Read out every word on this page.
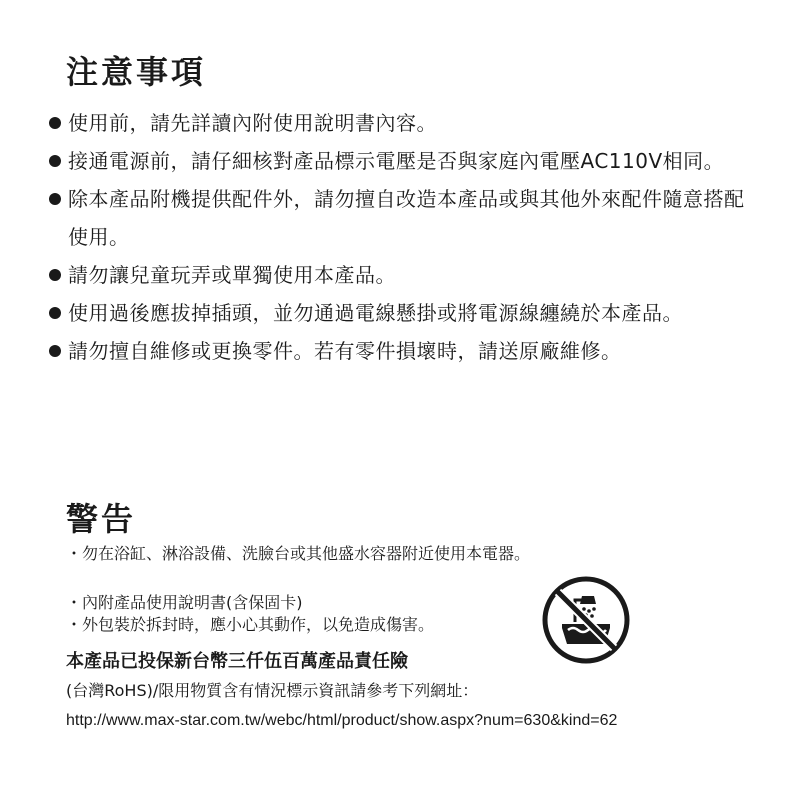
注意事項
使用前，請先詳讀內附使用說明書內容。
接通電源前，請仔細核對產品標示電壓是否與家庭內電壓AC110V相同。
除本產品附機提供配件外，請勿擅自改造本產品或與其他外來配件隨意搭配使用。
請勿讓兒童玩弄或單獨使用本產品。
使用過後應拔掉插頭，並勿通過電線懸掛或將電源線纏繞於本產品。
請勿擅自維修或更換零件。若有零件損壞時，請送原廠維修。
警告
・勿在浴缸、淋浴設備、洗臉台或其他盛水容器附近使用本電器。
・內附產品使用說明書(含保固卡)
・外包裝於拆封時，應小心其動作，以免造成傷害。
本產品已投保新台幣三仟伍百萬產品責任險
(台灣RoHS)/限用物質含有情況標示資訊請參考下列網址：
http://www.max-star.com.tw/webc/html/product/show.aspx?num=630&kind=62
